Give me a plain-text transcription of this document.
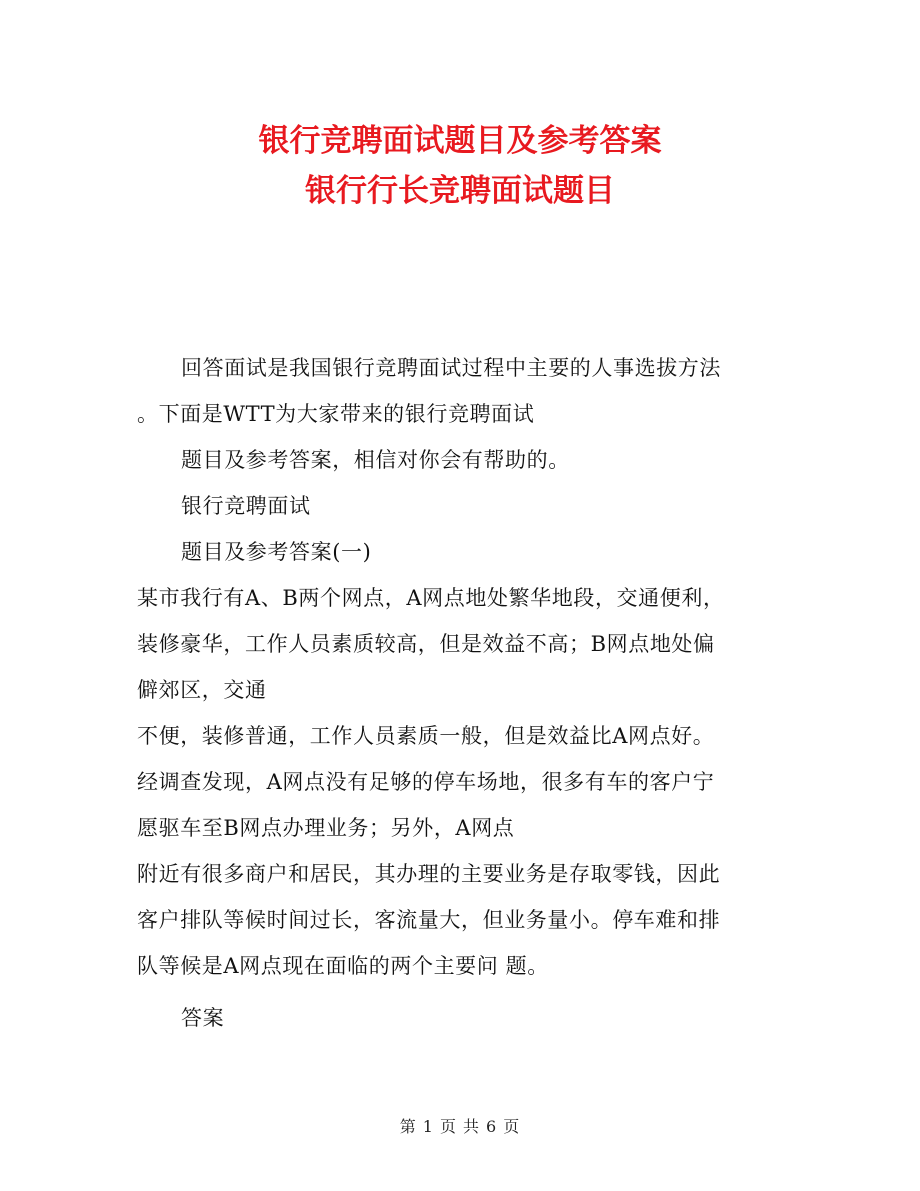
银行竞聘面试题目及参考答案
银行行长竞聘面试题目
回答面试是我国银行竞聘面试过程中主要的人事选拔方法
。下面是WTT为大家带来的银行竞聘面试
题目及参考答案，相信对你会有帮助的。
银行竞聘面试
题目及参考答案(一)
某市我行有A、B两个网点，A网点地处繁华地段，交通便利，
装修豪华，工作人员素质较高，但是效益不高；B网点地处偏
僻郊区，交通
不便，装修普通，工作人员素质一般，但是效益比A网点好。
经调查发现，A网点没有足够的停车场地，很多有车的客户宁
愿驱车至B网点办理业务；另外，A网点
附近有很多商户和居民，其办理的主要业务是存取零钱，因此
客户排队等候时间过长，客流量大，但业务量小。停车难和排
队等候是A网点现在面临的两个主要问 题。
答案
第 1 页 共 6 页
